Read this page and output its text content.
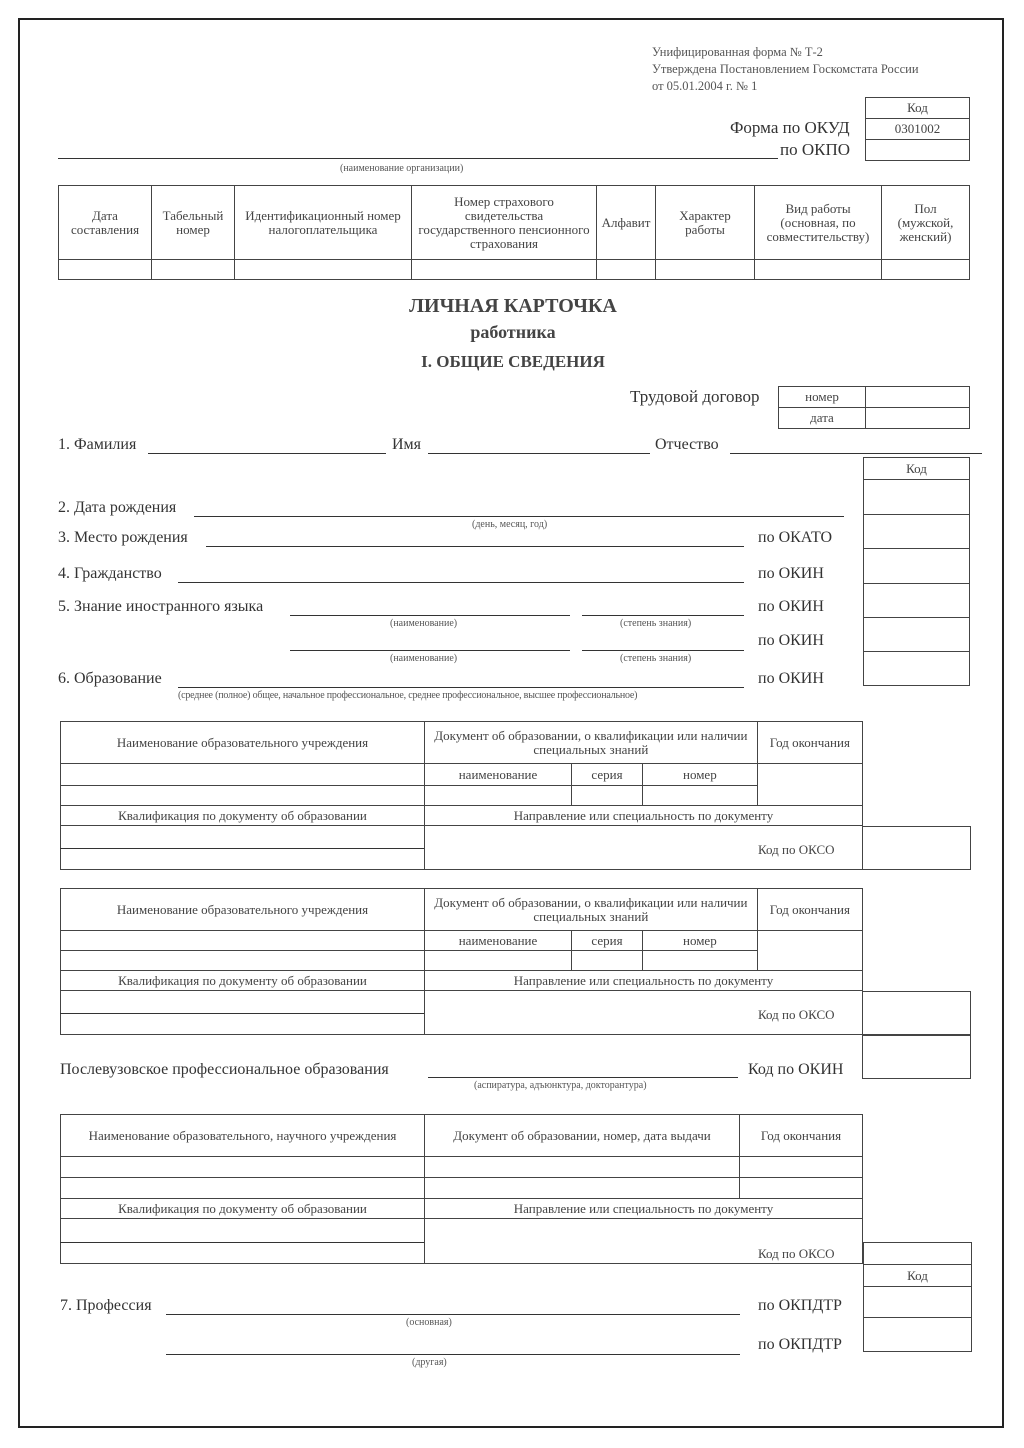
Унифицированная форма № Т-2
Утверждена Постановлением Госкомстата России
от 05.01.2004 г. № 1
Код
0301002

Форма по ОКУД
по ОКПО
(наименование организации)
Дата составления	Табельный номер	Идентификационный номер налогоплательщика	Номер страхового свидетельства государственного пенсионного страхования	Алфавит	Характер работы	Вид работы (основная, по совместительству)	Пол (мужской, женский)

ЛИЧНАЯ КАРТОЧКА
работника
I. ОБЩИЕ СВЕДЕНИЯ
Трудовой договор	номер	
дата	
1. Фамилия	Имя	Отчество
Код

2. Дата рождения
(день, месяц, год)
3. Место рождения	по ОКАТО
4. Гражданство	по ОКИН
5. Знание иностранного языка	по ОКИН
(наименование)	(степень знания)
по ОКИН
(наименование)	(степень знания)
6. Образование	по ОКИН
(среднее (полное) общее, начальное профессиональное, среднее профессиональное, высшее профессиональное)
Наименование образовательного учреждения	Документ об образовании, о квалификации или наличии специальных знаний			Год окончания
	наименование	серия	номер	

Квалификация по документу об образовании	Направление или специальность по документу			
Код по ОКСО
Наименование образовательного учреждения	Документ об образовании, о квалификации или наличии специальных знаний			Год окончания
	наименование	серия	номер	

Квалификация по документу об образовании	Направление или специальность по документу			
Код по ОКСО
Послевузовское профессиональное образования
(аспиратура, адъюнктура, докторантура)
Код по ОКИН
Наименование образовательного, научного учреждения	Документ об образовании, номер, дата выдачи	Год окончания

Квалификация по документу об образовании	Направление или специальность по документу	
Код по ОКСО

Код

7. Профессия	по ОКПДТР
(основная)
по ОКПДТР
(другая)
